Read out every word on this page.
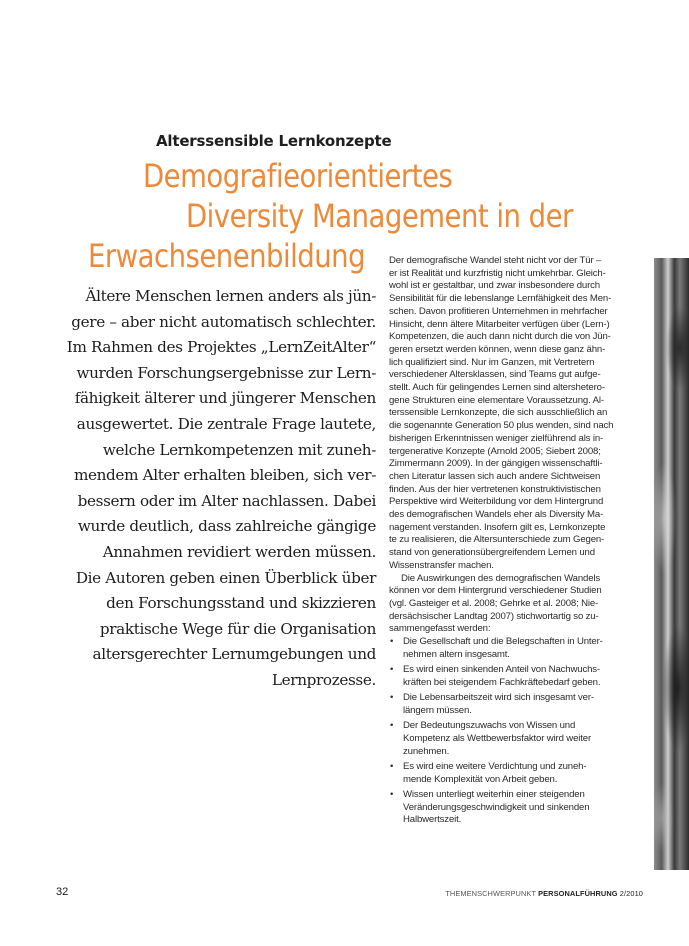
Alterssensible Lernkonzepte
Demografieorientiertes
Diversity Management in der
Erwachsenenbildung
Ältere Menschen lernen anders als jün-
gere – aber nicht automatisch schlechter.
Im Rahmen des Projektes „LernZeitAlter“
wurden Forschungsergebnisse zur Lern-
fähigkeit älterer und jüngerer Menschen
ausgewertet. Die zentrale Frage lautete,
welche Lernkompetenzen mit zuneh-
mendem Alter erhalten bleiben, sich ver-
bessern oder im Alter nachlassen. Dabei
wurde deutlich, dass zahlreiche gängige
Annahmen revidiert werden müssen.
Die Autoren geben einen Überblick über
den Forschungsstand und skizzieren
praktische Wege für die Organisation
altersgerechter Lernumgebungen und
Lernprozesse.
Der demografische Wandel steht nicht vor der Tür –
er ist Realität und kurzfristig nicht umkehrbar. Gleich-
wohl ist er gestaltbar, und zwar insbesondere durch
Sensibilität für die lebenslange Lernfähigkeit des Men-
schen. Davon profitieren Unternehmen in mehrfacher
Hinsicht, denn ältere Mitarbeiter verfügen über (Lern-)
Kompetenzen, die auch dann nicht durch die von Jün-
geren ersetzt werden können, wenn diese ganz ähn-
lich qualifiziert sind. Nur im Ganzen, mit Vertretern
verschiedener Altersklassen, sind Teams gut aufge-
stellt. Auch für gelingendes Lernen sind altershetero-
gene Strukturen eine elementare Voraussetzung. Al-
terssensible Lernkonzepte, die sich ausschließlich an
die sogenannte Generation 50 plus wenden, sind nach
bisherigen Erkenntnissen weniger zielführend als in-
tergenerative Konzepte (Arnold 2005; Siebert 2008;
Zimmermann 2009). In der gängigen wissenschaftli-
chen Literatur lassen sich auch andere Sichtweisen
finden. Aus der hier vertretenen konstruktivistischen
Perspektive wird Weiterbildung vor dem Hintergrund
des demografischen Wandels eher als Diversity Ma-
nagement verstanden. Insofern gilt es, Lernkonzepte
te zu realisieren, die Altersunterschiede zum Gegen-
stand von generationsübergreifendem Lernen und
Wissenstransfer machen.
Die Auswirkungen des demografischen Wandels
können vor dem Hintergrund verschiedener Studien
(vgl. Gasteiger et al. 2008; Gehrke et al. 2008; Nie-
dersächsischer Landtag 2007) stichwortartig so zu-
sammengefasst werden:
• Die Gesellschaft und die Belegschaften in Unter-
nehmen altern insgesamt.
• Es wird einen sinkenden Anteil von Nachwuchs-
kräften bei steigendem Fachkräftebedarf geben.
• Die Lebensarbeitszeit wird sich insgesamt ver-
längern müssen.
• Der Bedeutungszuwachs von Wissen und
Kompetenz als Wettbewerbsfaktor wird weiter
zunehmen.
• Es wird eine weitere Verdichtung und zuneh-
mende Komplexität von Arbeit geben.
• Wissen unterliegt weiterhin einer steigenden
Veränderungsgeschwindigkeit und sinkenden
Halbwertszeit.
32	THEMENSCHWERPUNKT PERSONALFÜHRUNG 2/2010
